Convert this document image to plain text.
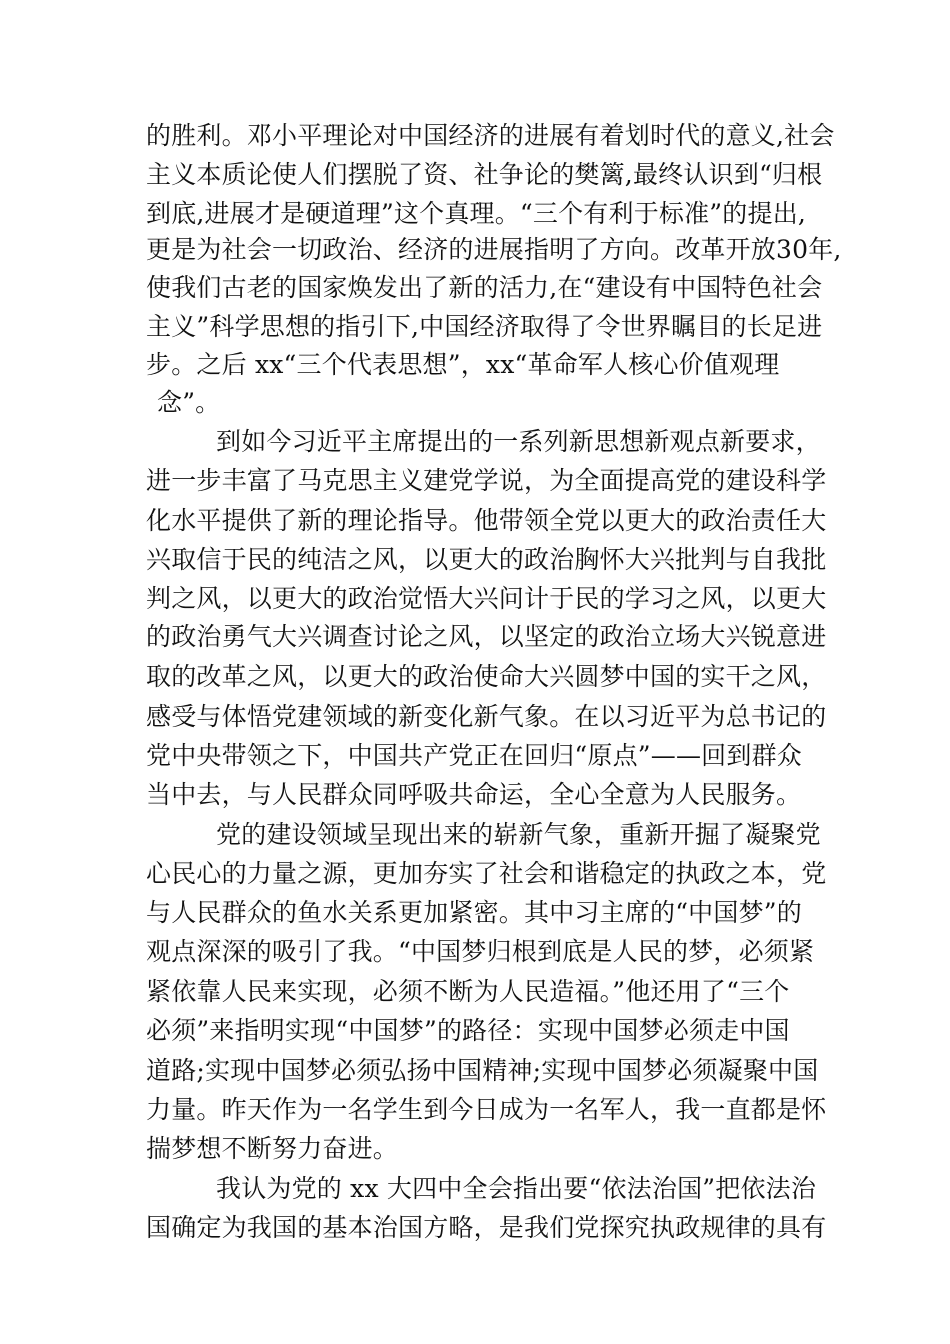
的胜利。邓小平理论对中国经济的进展有着划时代的意义,社会
主义本质论使人们摆脱了资、社争论的樊篱,最终认识到“归根
到底,进展才是硬道理”这个真理。“三个有利于标准”的提出,
更是为社会一切政治、经济的进展指明了方向。改革开放30年,
使我们古老的国家焕发出了新的活力,在“建设有中国特色社会
主义”科学思想的指引下,中国经济取得了令世界瞩目的长足进
步。之后 xx“三个代表思想”，xx“革命军人核心价值观理
念”。
到如今习近平主席提出的一系列新思想新观点新要求，
进一步丰富了马克思主义建党学说，为全面提高党的建设科学
化水平提供了新的理论指导。他带领全党以更大的政治责任大
兴取信于民的纯洁之风，以更大的政治胸怀大兴批判与自我批
判之风，以更大的政治觉悟大兴问计于民的学习之风，以更大
的政治勇气大兴调查讨论之风，以坚定的政治立场大兴锐意进
取的改革之风，以更大的政治使命大兴圆梦中国的实干之风，
感受与体悟党建领域的新变化新气象。在以习近平为总书记的
党中央带领之下，中国共产党正在回归“原点”——回到群众
当中去，与人民群众同呼吸共命运，全心全意为人民服务。
党的建设领域呈现出来的崭新气象，重新开掘了凝聚党
心民心的力量之源，更加夯实了社会和谐稳定的执政之本，党
与人民群众的鱼水关系更加紧密。其中习主席的“中国梦”的
观点深深的吸引了我。“中国梦归根到底是人民的梦，必须紧
紧依靠人民来实现，必须不断为人民造福。”他还用了“三个
必须”来指明实现“中国梦”的路径：实现中国梦必须走中国
道路;实现中国梦必须弘扬中国精神;实现中国梦必须凝聚中国
力量。昨天作为一名学生到今日成为一名军人，我一直都是怀
揣梦想不断努力奋进。
我认为党的 xx 大四中全会指出要“依法治国”把依法治
国确定为我国的基本治国方略，是我们党探究执政规律的具有
